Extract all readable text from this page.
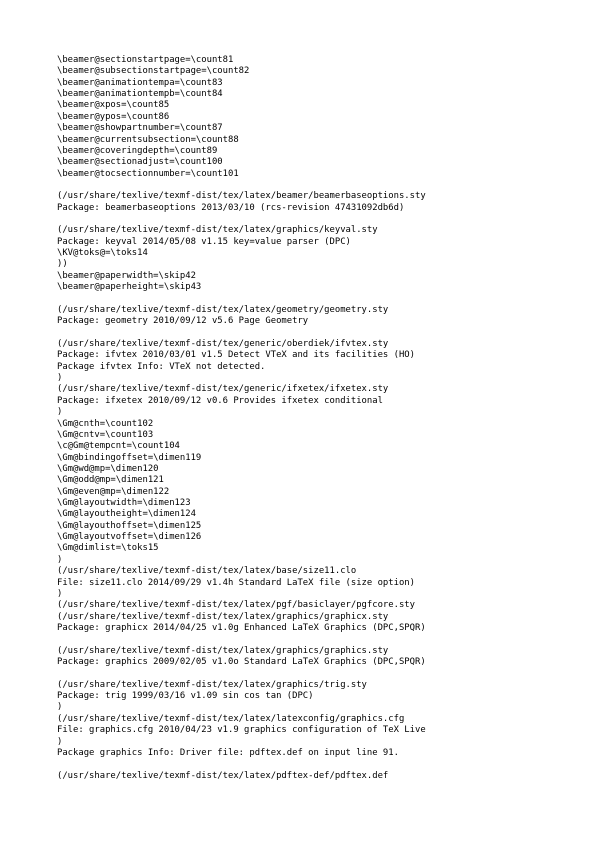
\beamer@sectionstartpage=\count81
\beamer@subsectionstartpage=\count82
\beamer@animationtempa=\count83
\beamer@animationtempb=\count84
\beamer@xpos=\count85
\beamer@ypos=\count86
\beamer@showpartnumber=\count87
\beamer@currentsubsection=\count88
\beamer@coveringdepth=\count89
\beamer@sectionadjust=\count100
\beamer@tocsectionnumber=\count101
(/usr/share/texlive/texmf-dist/tex/latex/beamer/beamerbaseoptions.sty
Package: beamerbaseoptions 2013/03/10 (rcs-revision 47431092db6d)
(/usr/share/texlive/texmf-dist/tex/latex/graphics/keyval.sty
Package: keyval 2014/05/08 v1.15 key=value parser (DPC)
\KV@toks@=\toks14
))
\beamer@paperwidth=\skip42
\beamer@paperheight=\skip43
(/usr/share/texlive/texmf-dist/tex/latex/geometry/geometry.sty
Package: geometry 2010/09/12 v5.6 Page Geometry
(/usr/share/texlive/texmf-dist/tex/generic/oberdiek/ifvtex.sty
Package: ifvtex 2010/03/01 v1.5 Detect VTeX and its facilities (HO)
Package ifvtex Info: VTeX not detected.
)
(/usr/share/texlive/texmf-dist/tex/generic/ifxetex/ifxetex.sty
Package: ifxetex 2010/09/12 v0.6 Provides ifxetex conditional
)
\Gm@cnth=\count102
\Gm@cntv=\count103
\c@Gm@tempcnt=\count104
\Gm@bindingoffset=\dimen119
\Gm@wd@mp=\dimen120
\Gm@odd@mp=\dimen121
\Gm@even@mp=\dimen122
\Gm@layoutwidth=\dimen123
\Gm@layoutheight=\dimen124
\Gm@layouthoffset=\dimen125
\Gm@layoutvoffset=\dimen126
\Gm@dimlist=\toks15
)
(/usr/share/texlive/texmf-dist/tex/latex/base/size11.clo
File: size11.clo 2014/09/29 v1.4h Standard LaTeX file (size option)
)
(/usr/share/texlive/texmf-dist/tex/latex/pgf/basiclayer/pgfcore.sty
(/usr/share/texlive/texmf-dist/tex/latex/graphics/graphicx.sty
Package: graphicx 2014/04/25 v1.0g Enhanced LaTeX Graphics (DPC,SPQR)
(/usr/share/texlive/texmf-dist/tex/latex/graphics/graphics.sty
Package: graphics 2009/02/05 v1.0o Standard LaTeX Graphics (DPC,SPQR)
(/usr/share/texlive/texmf-dist/tex/latex/graphics/trig.sty
Package: trig 1999/03/16 v1.09 sin cos tan (DPC)
)
(/usr/share/texlive/texmf-dist/tex/latex/latexconfig/graphics.cfg
File: graphics.cfg 2010/04/23 v1.9 graphics configuration of TeX Live
)
Package graphics Info: Driver file: pdftex.def on input line 91.
(/usr/share/texlive/texmf-dist/tex/latex/pdftex-def/pdftex.def
